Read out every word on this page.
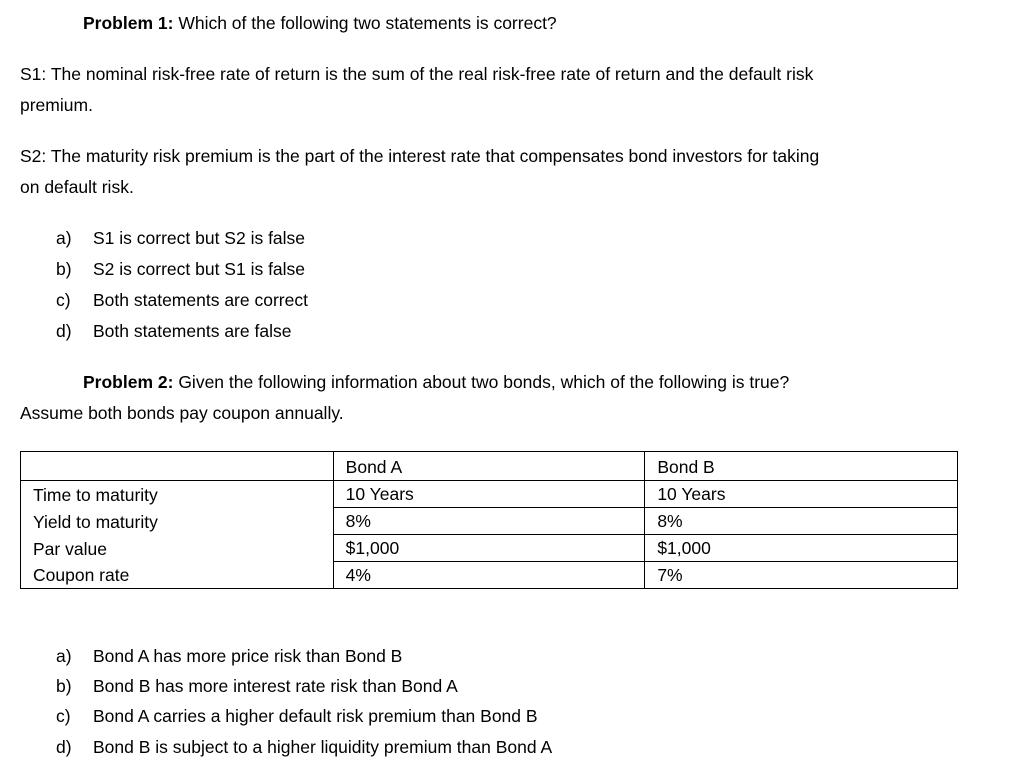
Problem 1: Which of the following two statements is correct?
S1: The nominal risk-free rate of return is the sum of the real risk-free rate of return and the default risk
premium.
S2: The maturity risk premium is the part of the interest rate that compensates bond investors for taking
on default risk.
a) S1 is correct but S2 is false
b) S2 is correct but S1 is false
c) Both statements are correct
d) Both statements are false
Problem 2: Given the following information about two bonds, which of the following is true?
Assume both bonds pay coupon annually.
	Bond A	Bond B
Time to maturity	10 Years	10 Years
Yield to maturity	8%	8%
Par value	$1,000	$1,000
Coupon rate	4%	7%
a) Bond A has more price risk than Bond B
b) Bond B has more interest rate risk than Bond A
c) Bond A carries a higher default risk premium than Bond B
d) Bond B is subject to a higher liquidity premium than Bond A
